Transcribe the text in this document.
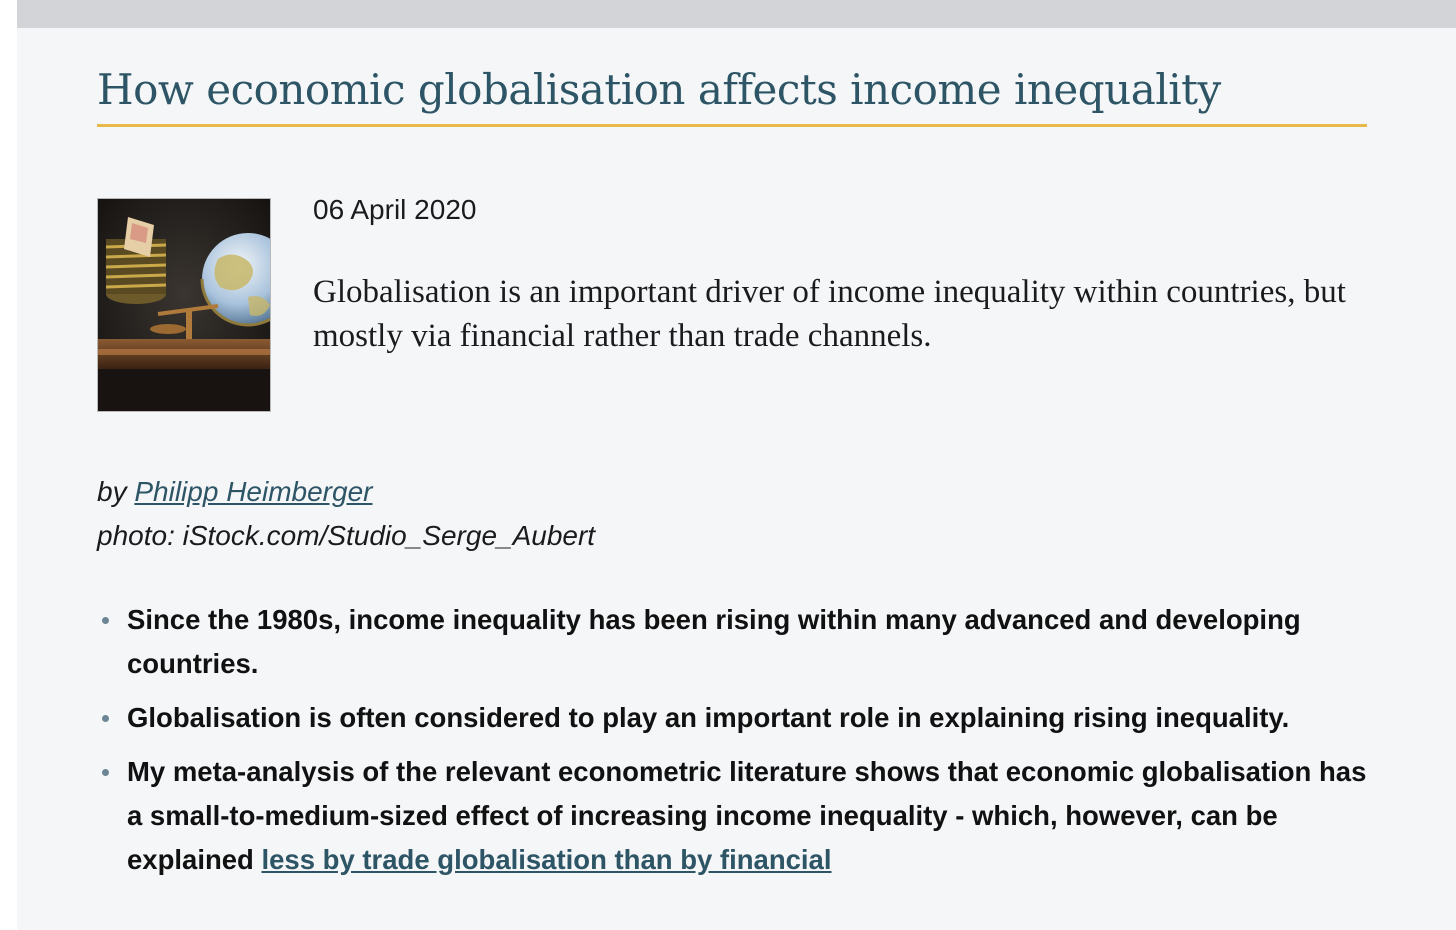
How economic globalisation affects income inequality
06 April 2020

Globalisation is an important driver of income inequality within countries, but mostly via financial rather than trade channels.

by Philipp Heimberger
photo: iStock.com/Studio_Serge_Aubert
Since the 1980s, income inequality has been rising within many advanced and developing countries.
Globalisation is often considered to play an important role in explaining rising inequality.
My meta-analysis of the relevant econometric literature shows that economic globalisation has a small-to-medium-sized effect of increasing income inequality - which, however, can be explained less by trade globalisation than by financial
